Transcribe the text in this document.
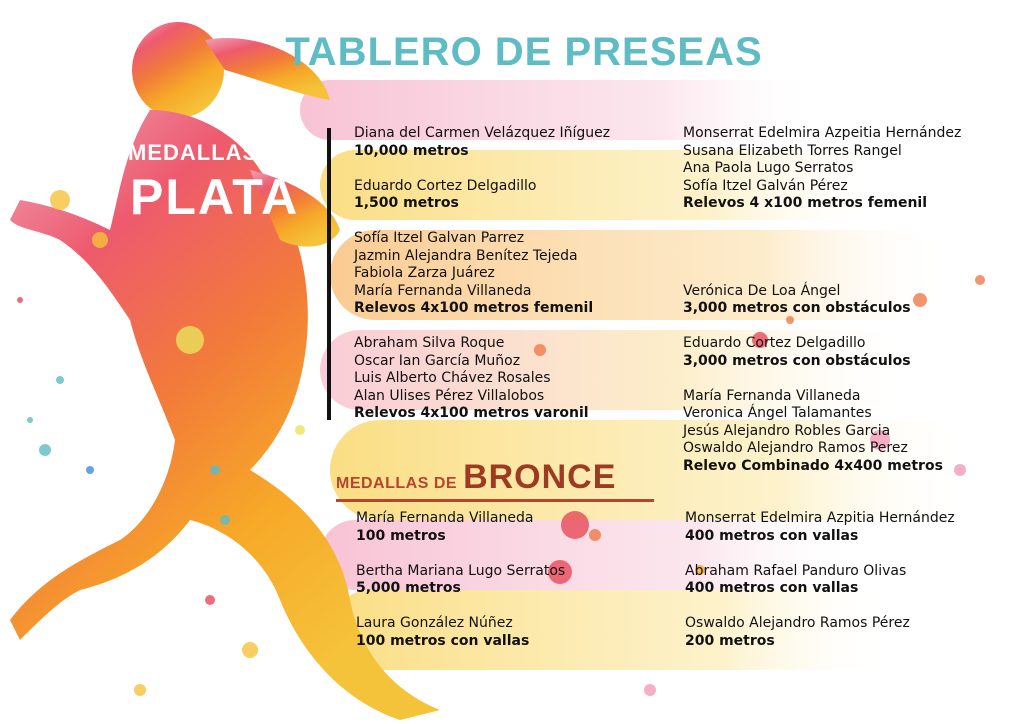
TABLERO DE PRESEAS
MEDALLAS DE
PLATA
Diana del Carmen Velázquez Iñíguez
10,000 metros
Eduardo Cortez Delgadillo
1,500 metros
Sofía Itzel Galvan Parrez
Jazmin Alejandra Benítez Tejeda
Fabiola Zarza Juárez
María Fernanda Villaneda
Relevos 4x100 metros femenil
Abraham Silva Roque
Oscar Ian García Muñoz
Luis Alberto Chávez Rosales
Alan Ulises Pérez Villalobos
Relevos 4x100 metros varonil
Monserrat Edelmira Azpeitia Hernández
Susana Elizabeth Torres Rangel
Ana Paola Lugo Serratos
Sofía Itzel Galván Pérez
Relevos 4 x100 metros femenil
Verónica De Loa Ángel
3,000 metros con obstáculos
Eduardo Cortez Delgadillo
3,000 metros con obstáculos
María Fernanda Villaneda
Veronica Ángel Talamantes
Jesús Alejandro Robles Garcia
Oswaldo Alejandro Ramos Perez
Relevo Combinado 4x400 metros
MEDALLAS DE BRONCE
María Fernanda Villaneda
100 metros
Bertha Mariana Lugo Serratos
5,000 metros
Laura González Núñez
100 metros con vallas
Monserrat Edelmira Azpitia Hernández
400 metros con vallas
Abraham Rafael Panduro Olivas
400 metros con vallas
Oswaldo Alejandro Ramos Pérez
200 metros
